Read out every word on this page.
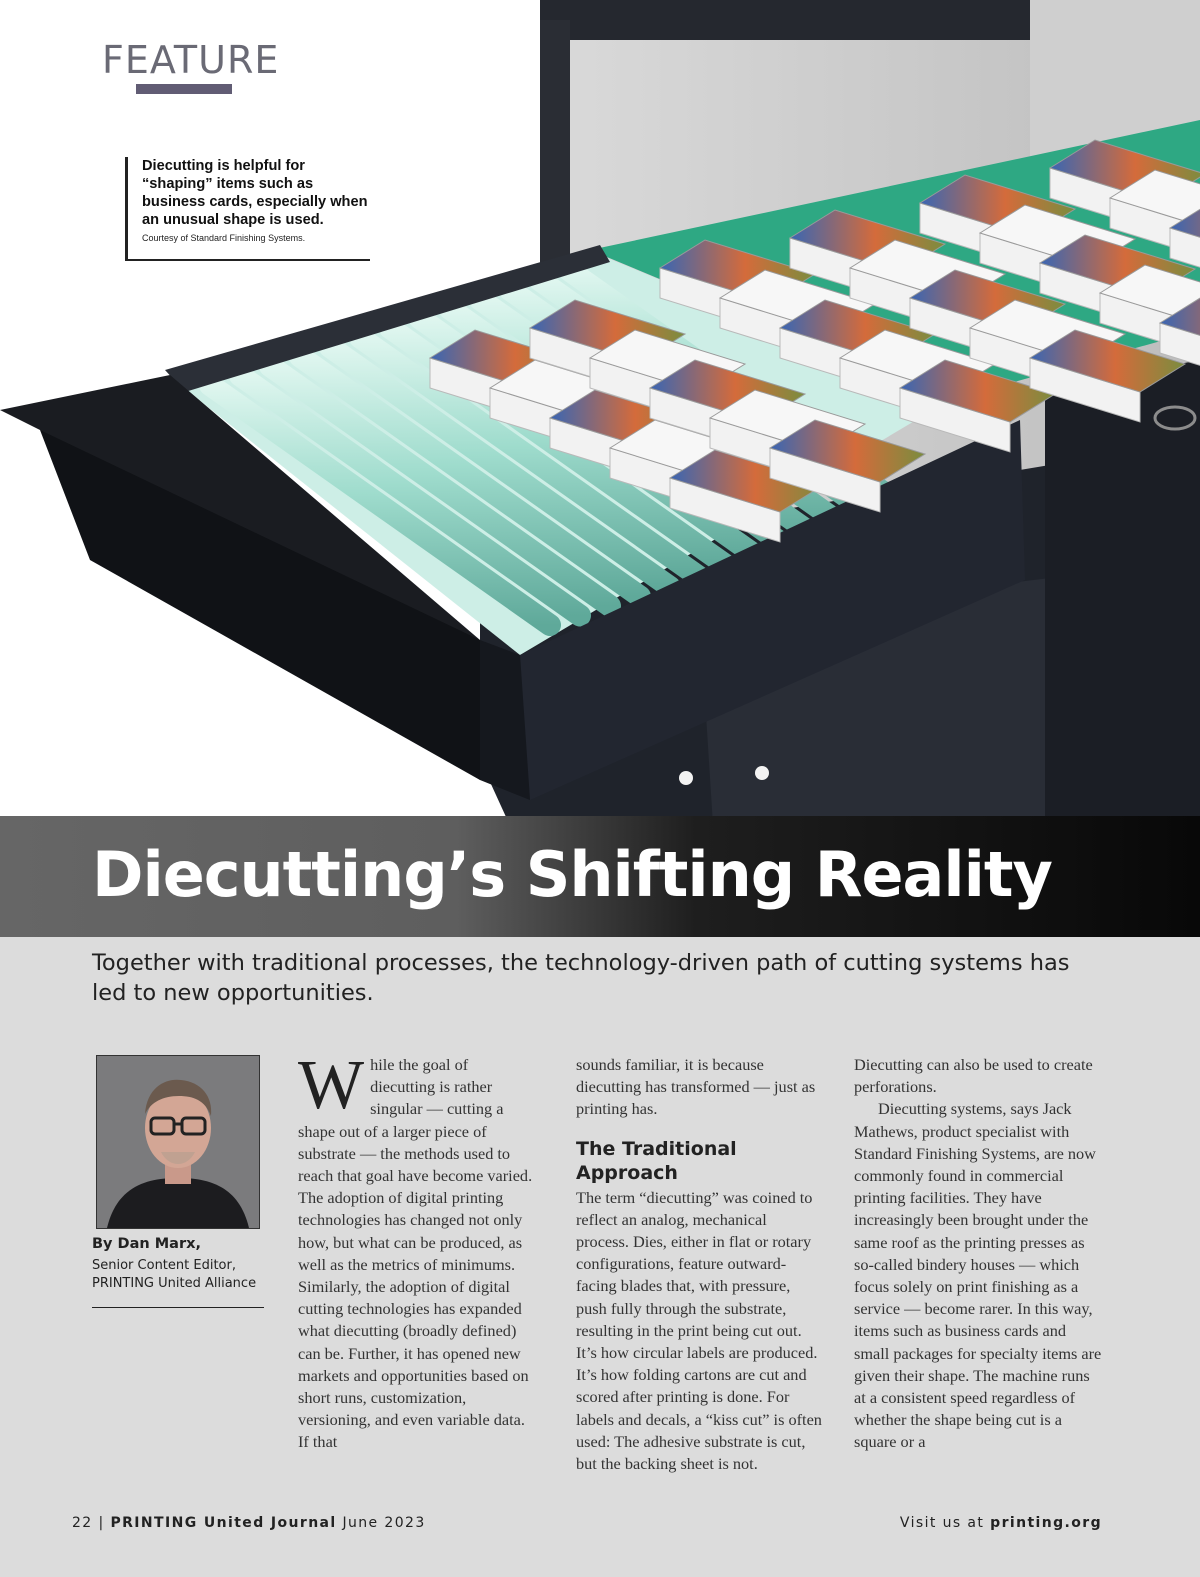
FEATURE
Diecutting is helpful for “shaping” items such as business cards, especially when an unusual shape is used.
Courtesy of Standard Finishing Systems.
Diecutting’s Shifting Reality

Together with traditional processes, the technology-driven path of cutting systems has led to new opportunities.

By Dan Marx,
Senior Content Editor,
PRINTING United Alliance

While the goal of diecutting is rather singular — cutting a shape out of a larger piece of substrate — the methods used to reach that goal have become varied. The adoption of digital printing technologies has changed not only how, but what can be produced, as well as the metrics of minimums. Similarly, the adoption of digital cutting technologies has expanded what diecutting (broadly defined) can be. Further, it has opened new markets and opportunities based on short runs, customization, versioning, and even variable data. If that

sounds familiar, it is because diecutting has transformed — just as printing has.

The Traditional Approach

The term “diecutting” was coined to reflect an analog, mechanical process. Dies, either in flat or rotary configurations, feature outward-facing blades that, with pressure, push fully through the substrate, resulting in the print being cut out. It’s how circular labels are produced. It’s how folding cartons are cut and scored after printing is done. For labels and decals, a “kiss cut” is often used: The adhesive substrate is cut, but the backing sheet is not.

Diecutting can also be used to create perforations.

Diecutting systems, says Jack Mathews, product specialist with Standard Finishing Systems, are now commonly found in commercial printing facilities. They have increasingly been brought under the same roof as the printing presses as so-called bindery houses — which focus solely on print finishing as a service — become rarer. In this way, items such as business cards and small packages for specialty items are given their shape. The machine runs at a consistent speed regardless of whether the shape being cut is a square or a

22 | PRINTING United Journal June 2023	Visit us at printing.org
